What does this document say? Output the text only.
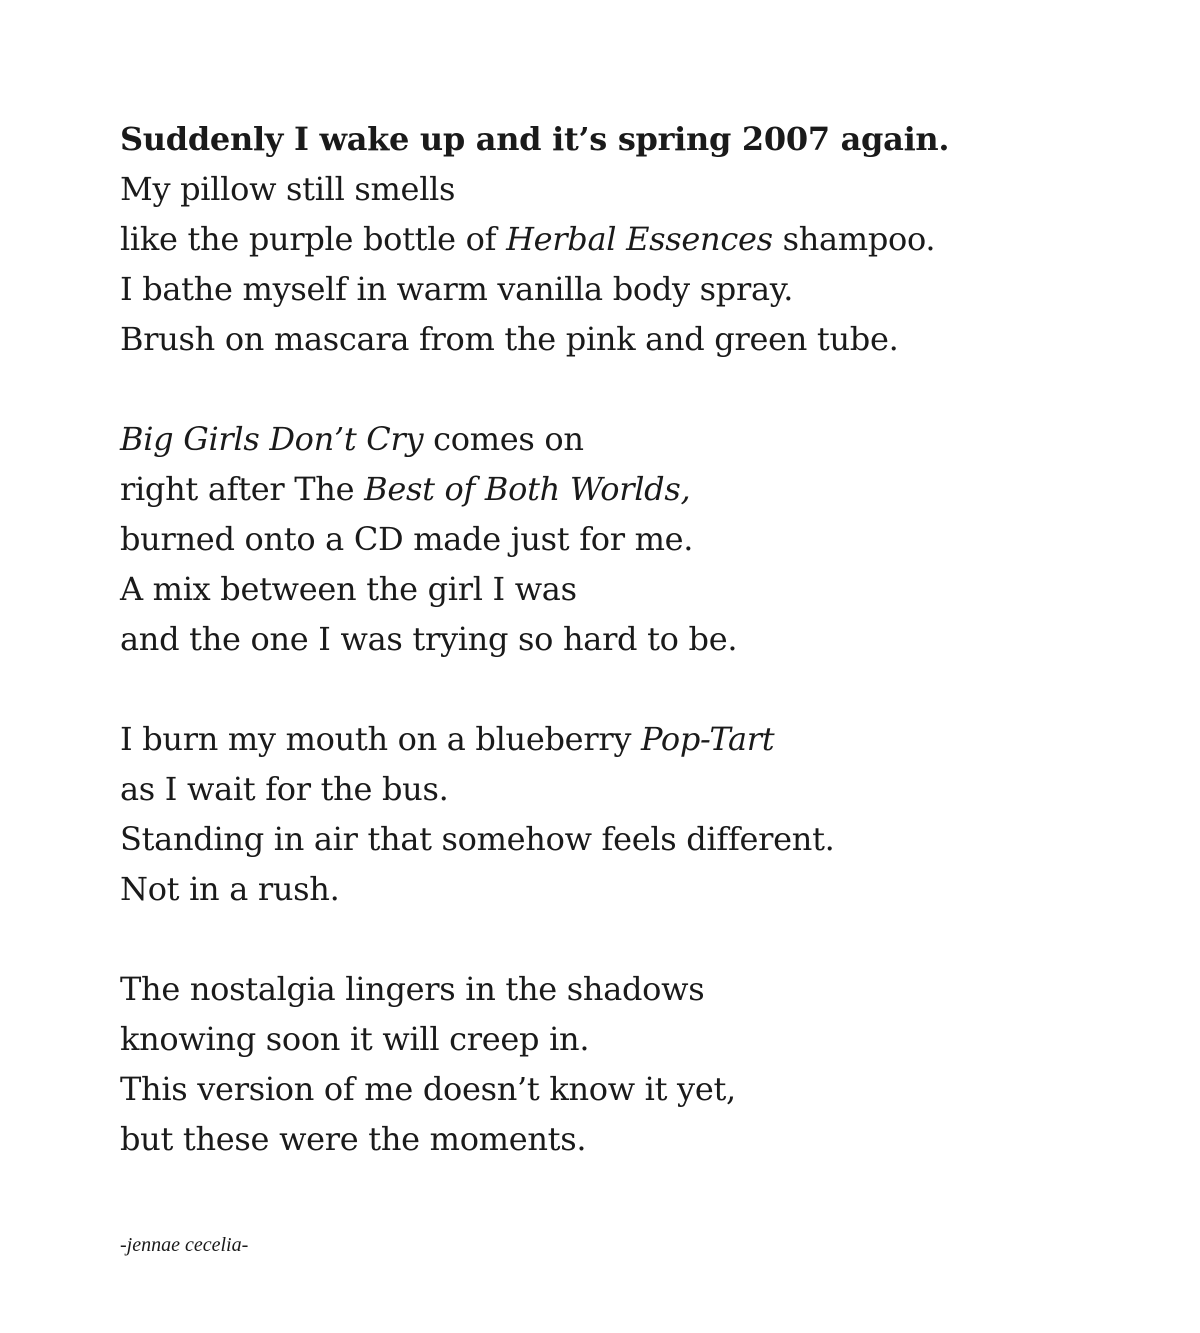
Suddenly I wake up and it’s spring 2007 again.
My pillow still smells
like the purple bottle of Herbal Essences shampoo.
I bathe myself in warm vanilla body spray.
Brush on mascara from the pink and green tube.
Big Girls Don’t Cry comes on
right after The Best of Both Worlds,
burned onto a CD made just for me.
A mix between the girl I was
and the one I was trying so hard to be.
I burn my mouth on a blueberry Pop-Tart
as I wait for the bus.
Standing in air that somehow feels different.
Not in a rush.
The nostalgia lingers in the shadows
knowing soon it will creep in.
This version of me doesn’t know it yet,
but these were the moments.
-jennae cecelia-
